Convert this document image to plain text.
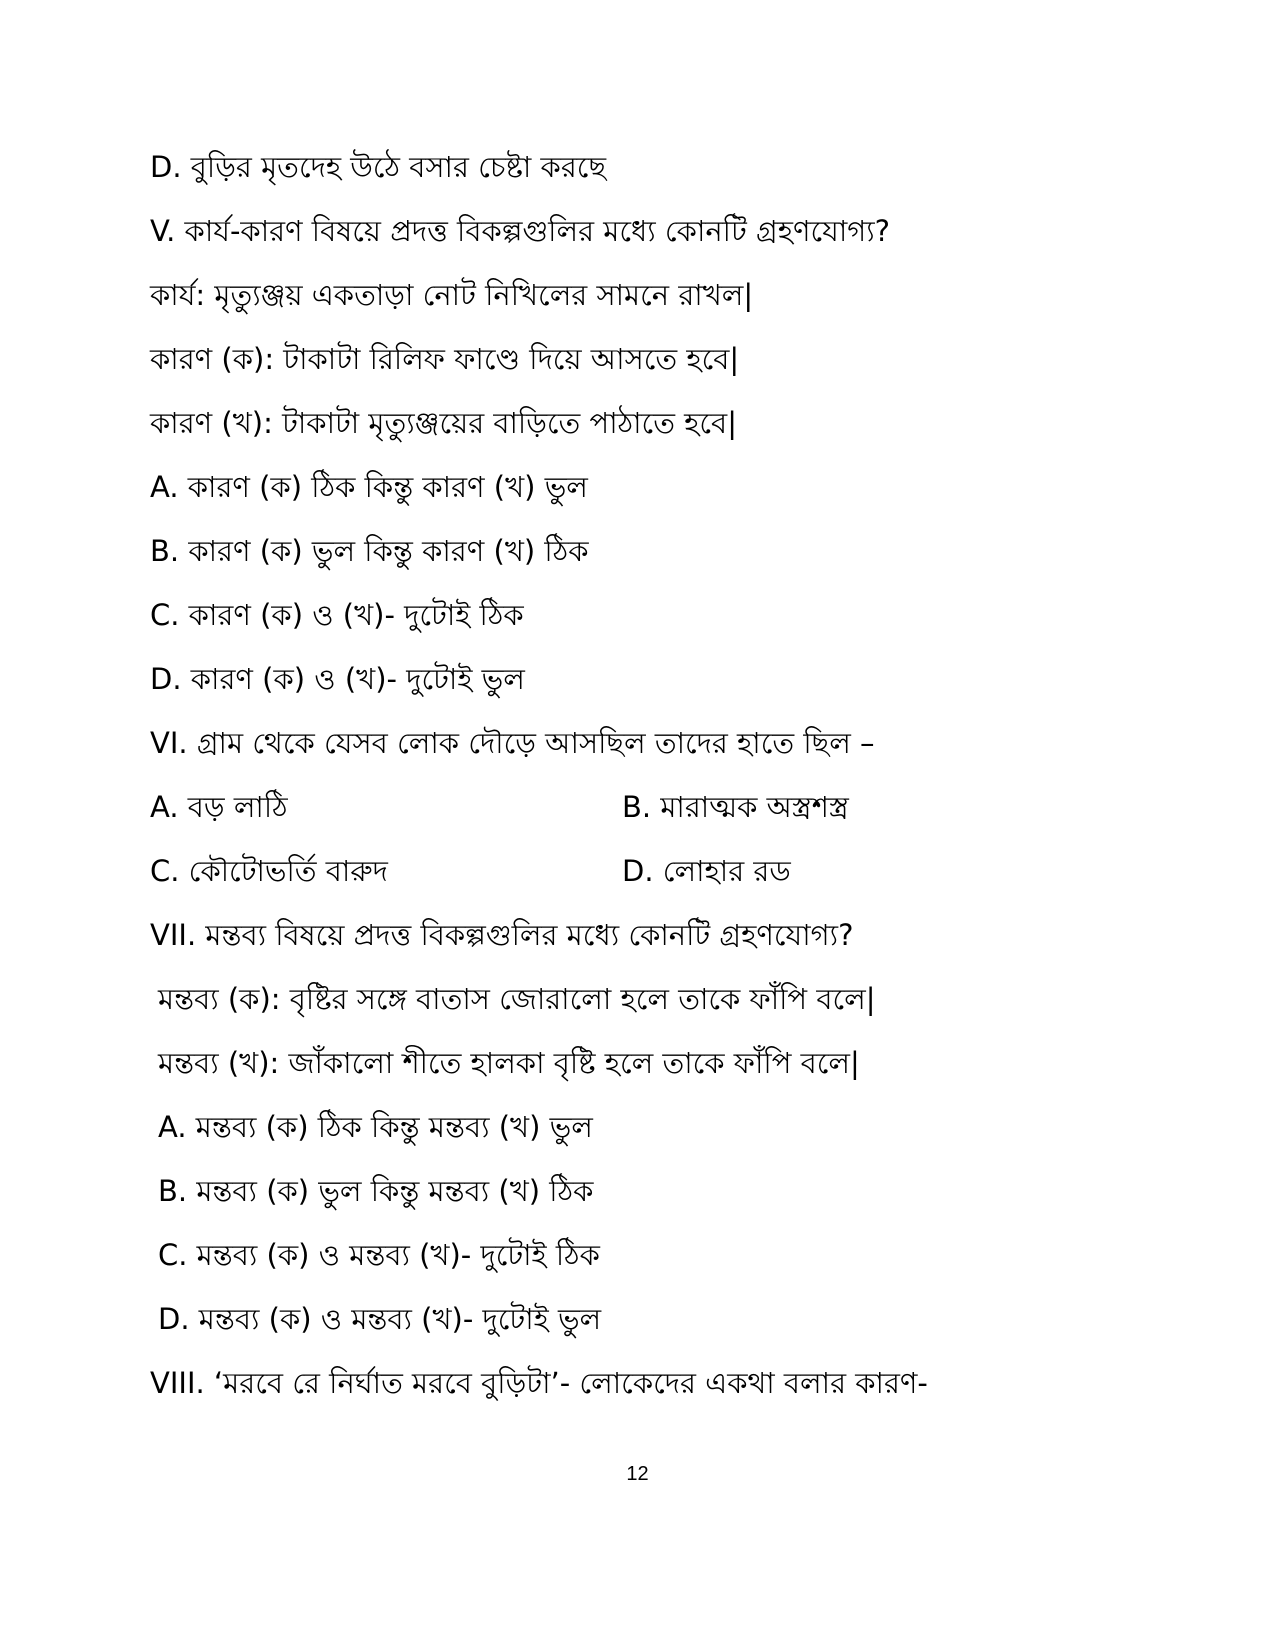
D. বুড়ির মৃতদেহ উঠে বসার চেষ্টা করছে
V. কার্য-কারণ বিষয়ে প্রদত্ত বিকল্পগুলির মধ্যে কোনটি গ্রহণযোগ্য?
কার্য: মৃত্যুঞ্জয় একতাড়া নোট নিখিলের সামনে রাখল|
কারণ (ক): টাকাটা রিলিফ ফাণ্ডে দিয়ে আসতে হবে|
কারণ (খ): টাকাটা মৃত্যুঞ্জয়ের বাড়িতে পাঠাতে হবে|
A. কারণ (ক) ঠিক কিন্তু কারণ (খ) ভুল
B. কারণ (ক) ভুল কিন্তু কারণ (খ) ঠিক
C. কারণ (ক) ও (খ)- দুটোই ঠিক
D. কারণ (ক) ও (খ)- দুটোই ভুল
VI. গ্রাম থেকে যেসব লোক দৌড়ে আসছিল তাদের হাতে ছিল –
A. বড় লাঠি	B. মারাত্মক অস্ত্রশস্ত্র
C. কৌটোভর্তি বারুদ	D. লোহার রড
VII. মন্তব্য বিষয়ে প্রদত্ত বিকল্পগুলির মধ্যে কোনটি গ্রহণযোগ্য?
মন্তব্য (ক): বৃষ্টির সঙ্গে বাতাস জোরালো হলে তাকে ফাঁপি বলে|
মন্তব্য (খ): জাঁকালো শীতে হালকা বৃষ্টি হলে তাকে ফাঁপি বলে|
A. মন্তব্য (ক) ঠিক কিন্তু মন্তব্য (খ) ভুল
B. মন্তব্য (ক) ভুল কিন্তু মন্তব্য (খ) ঠিক
C. মন্তব্য (ক) ও মন্তব্য (খ)- দুটোই ঠিক
D. মন্তব্য (ক) ও মন্তব্য (খ)- দুটোই ভুল
VIII. ‘মরবে রে নির্ঘাত মরবে বুড়িটা’- লোকেদের একথা বলার কারণ-
12
